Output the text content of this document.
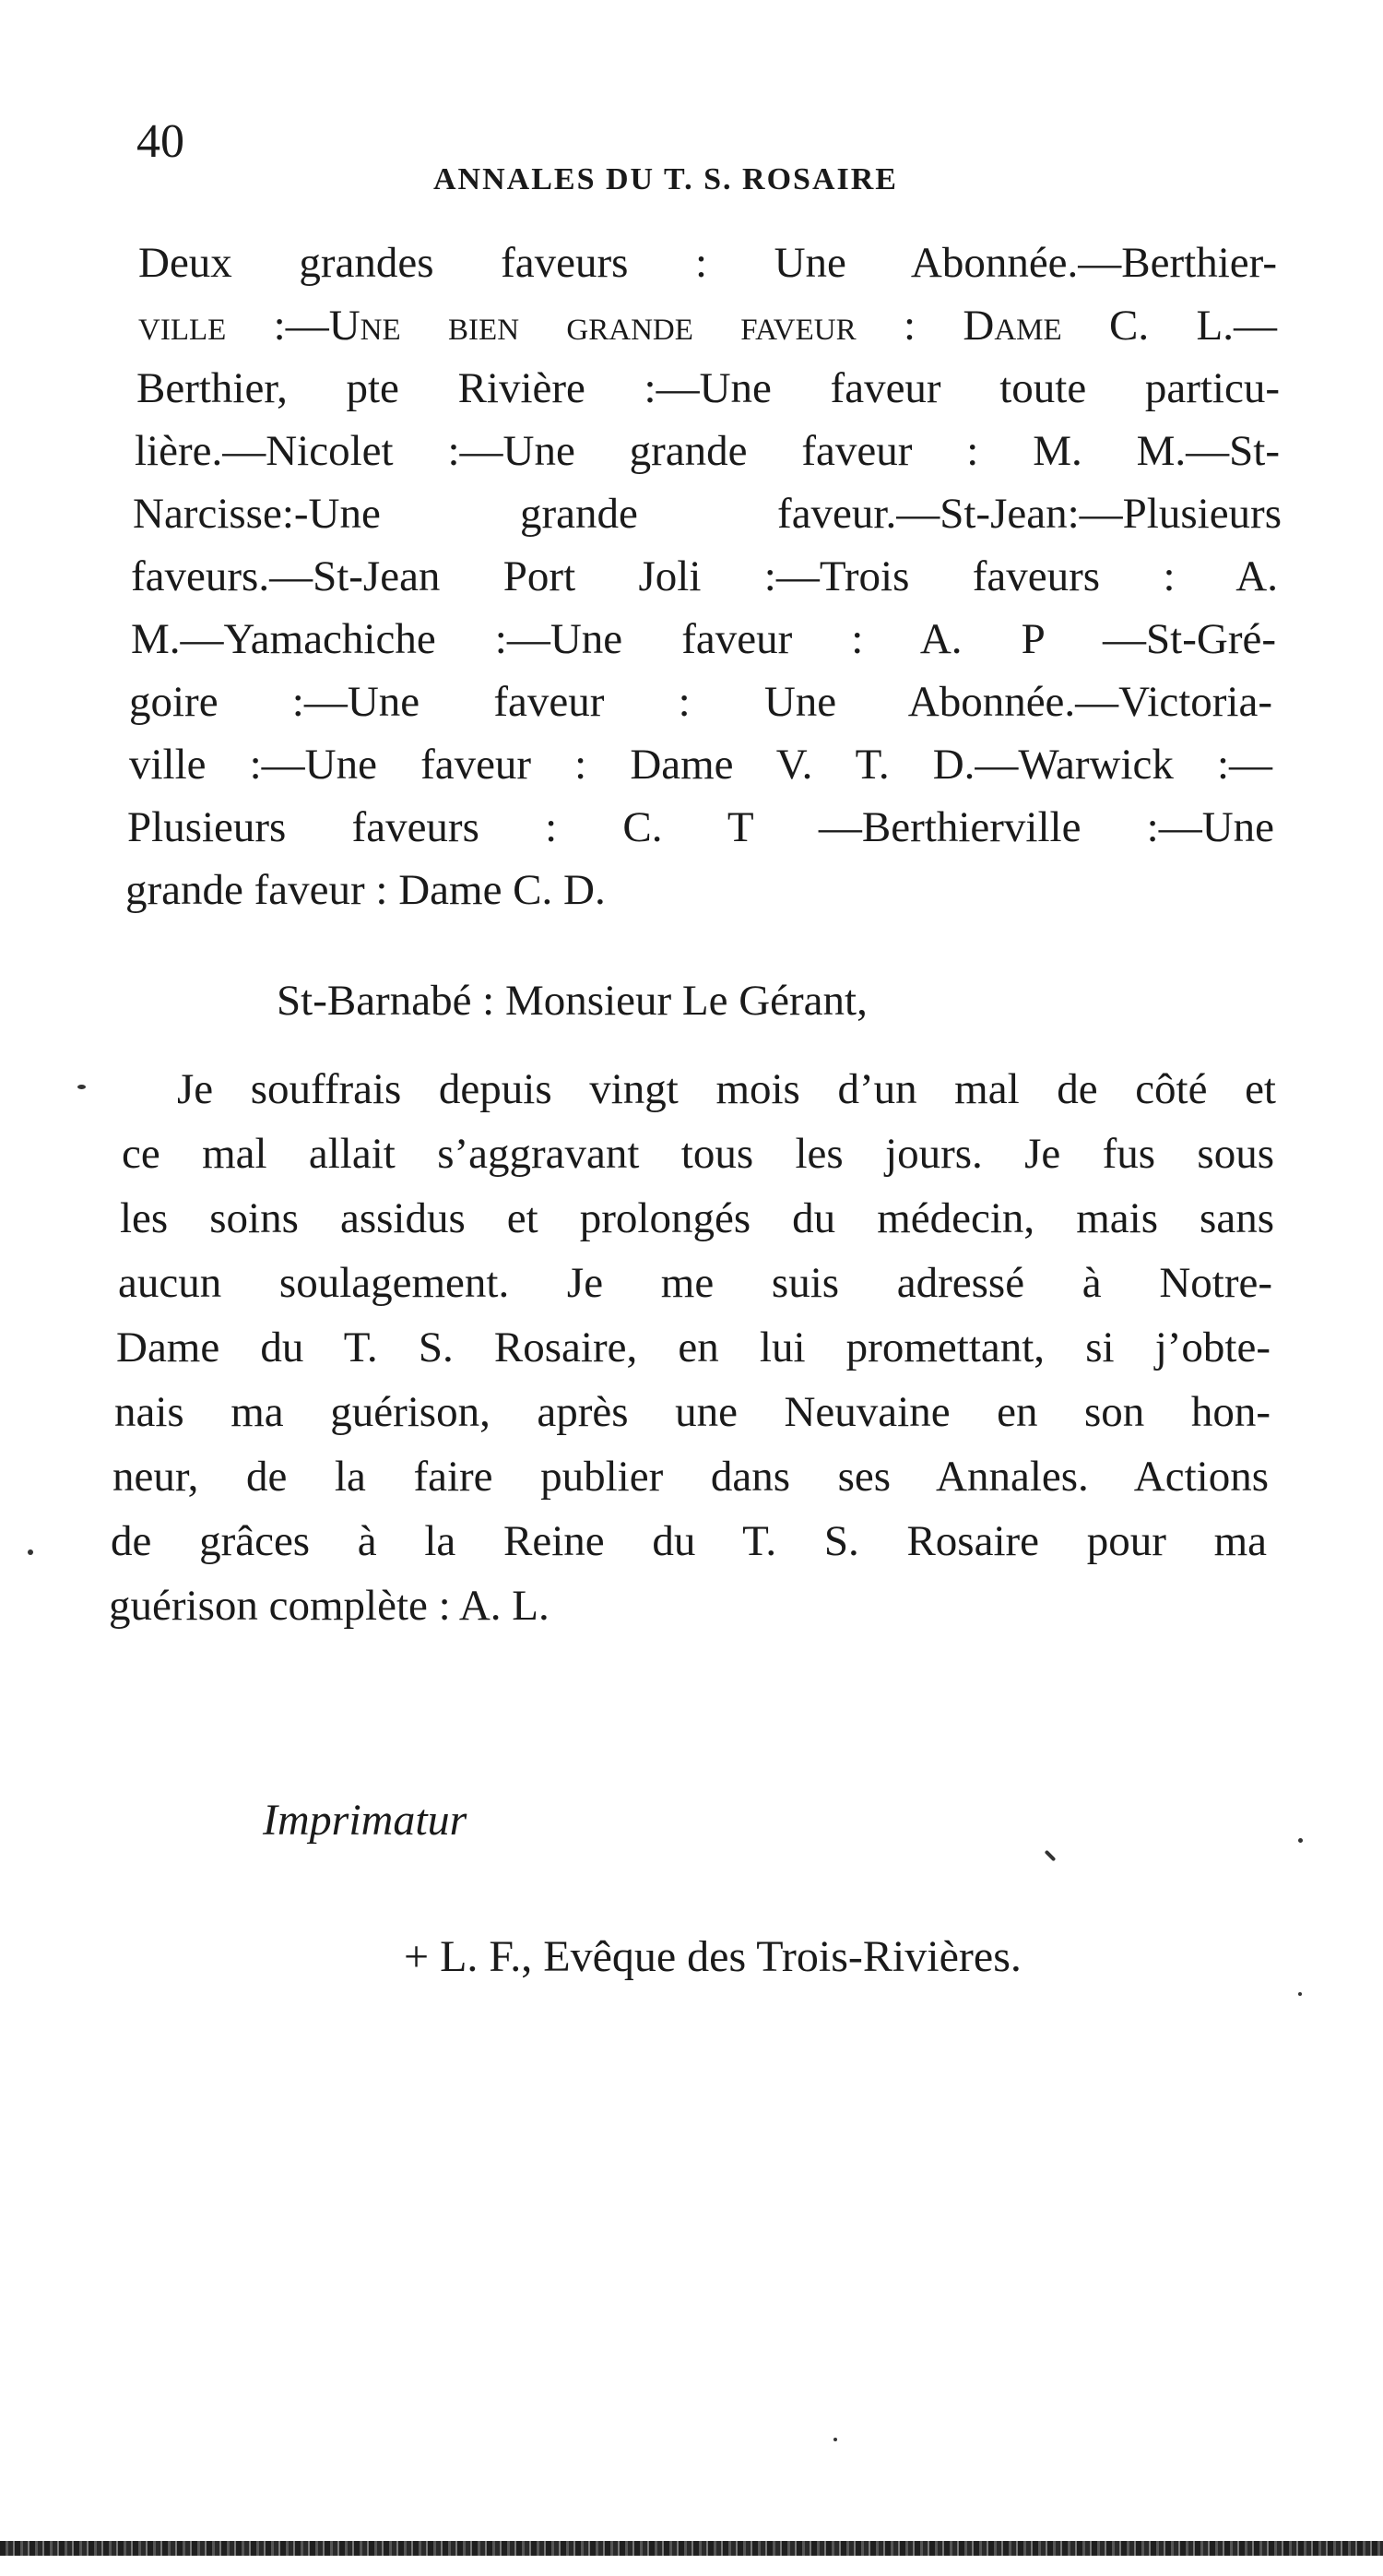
40
ANNALES DU T. S. ROSAIRE
Deux grandes faveurs : Une Abonnée.—Berthier-
ville :—Une bien grande faveur : Dame C. L.—
Berthier, pte Rivière :—Une faveur toute particu-
lière.—Nicolet :—Une grande faveur : M. M.—St-
Narcisse:-Une grande faveur.—St-Jean:—Plusieurs
faveurs.—St-Jean Port Joli :—Trois faveurs : A.
M.—Yamachiche :—Une faveur : A. P —St-Gré-
goire :—Une faveur : Une Abonnée.—Victoria-
ville :—Une faveur : Dame V. T. D.—Warwick :—
Plusieurs faveurs : C. T —Berthierville :—Une
grande faveur : Dame C. D.
St-Barnabé : Monsieur Le Gérant,
Je souffrais depuis vingt mois d’un mal de côté et
ce mal allait s’aggravant tous les jours. Je fus sous
les soins assidus et prolongés du médecin, mais sans
aucun soulagement. Je me suis adressé à Notre-
Dame du T. S. Rosaire, en lui promettant, si j’obte-
nais ma guérison, après une Neuvaine en son hon-
neur, de la faire publier dans ses Annales. Actions
de grâces à la Reine du T. S. Rosaire pour ma
guérison complète : A. L.
Imprimatur
+ L. F., Evêque des Trois-Rivières.
